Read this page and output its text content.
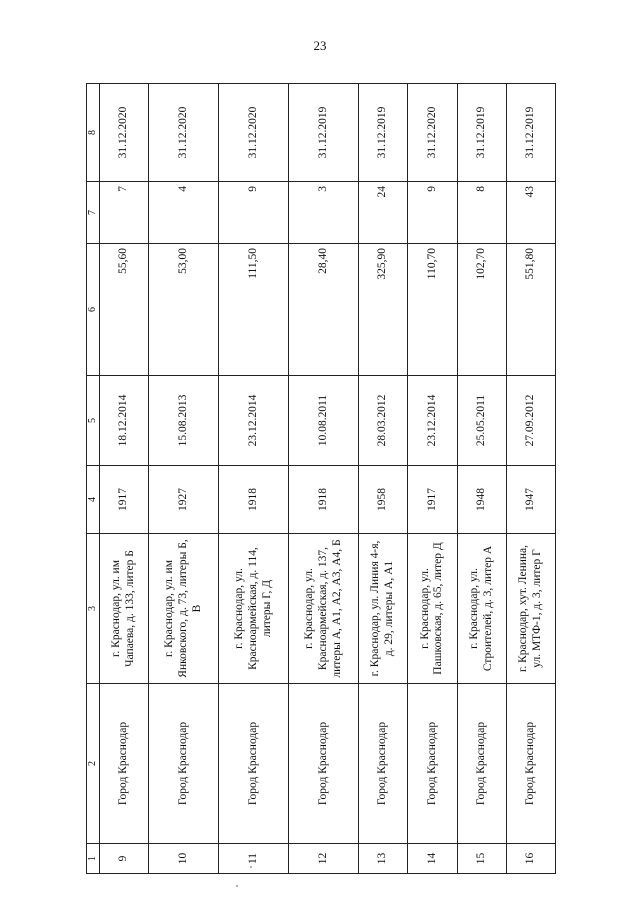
23
1	2	3	4	5	6	7	8
9	Город Краснодар	г. Краснодар, ул. им Чапаева, д. 133, литер Б	1917	18.12.2014	55,60	7	31.12.2020
10	Город Краснодар	г. Краснодар, ул. им Янковского, д. 73, литеры Б, В	1927	15.08.2013	53,00	4	31.12.2020
11	Город Краснодар	г. Краснодар, ул. Красноармейская, д. 114, литеры Г, Д	1918	23.12.2014	111,50	9	31.12.2020
12	Город Краснодар	г. Краснодар, ул. Красноармейская, д. 137, литеры А, А1, А2, А3, А4, Б	1918	10.08.2011	28,40	3	31.12.2019
13	Город Краснодар	г. Краснодар, ул. Линия 4-я, д. 29, литеры А, А1	1958	28.03.2012	325,90	24	31.12.2019
14	Город Краснодар	г. Краснодар, ул. Пашковская, д. 65, литер Д	1917	23.12.2014	110,70	9	31.12.2020
15	Город Краснодар	г. Краснодар, ул. Строителей, д. 3, литер А	1948	25.05.2011	102,70	8	31.12.2019
16	Город Краснодар	г. Краснодар, хут. Ленина, ул. МТФ-1, д. 3, литер Г	1947	27.09.2012	551,80	43	31.12.2019
